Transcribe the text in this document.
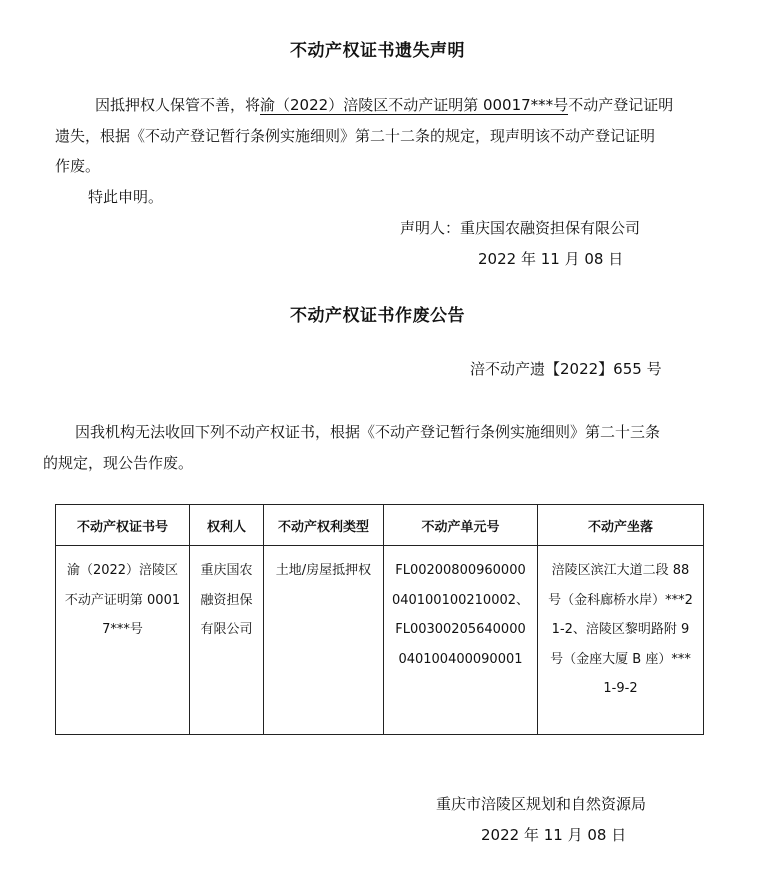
不动产权证书遗失声明
因抵押权人保管不善，将渝（2022）涪陵区不动产证明第 00017***号不动产登记证明
遗失，根据《不动产登记暂行条例实施细则》第二十二条的规定，现声明该不动产登记证明
作废。
特此申明。
声明人：重庆国农融资担保有限公司
2022 年 11 月 08 日
不动产权证书作废公告
涪不动产遗【2022】655 号
因我机构无法收回下列不动产权证书，根据《不动产登记暂行条例实施细则》第二十三条
的规定，现公告作废。
不动产权证书号	权利人	不动产权利类型	不动产单元号	不动产坐落

渝（2022）涪陵区
不动产证明第 0001
7***号	重庆国农
融资担保
有限公司	土地/房屋抵押权	FL00200800960000
040100100210002、
FL00300205640000
040100400090001	涪陵区滨江大道二段 88
号（金科廊桥水岸）***2
1-2、涪陵区黎明路附 9
号（金座大厦 B 座）***
1-9-2
重庆市涪陵区规划和自然资源局
2022 年 11 月 08 日
